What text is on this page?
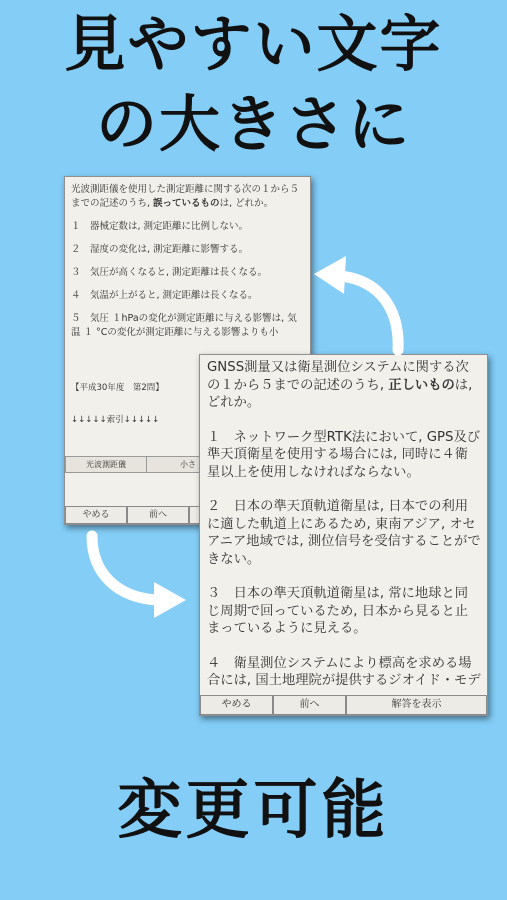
見やすい文字
の大きさに

光波測距儀を使用した測定距離に関する次の１から５までの記述のうち, 誤っているものは, どれか。

１　器械定数は, 測定距離に比例しない。

２　湿度の変化は, 測定距離に影響する。

３　気圧が高くなると, 測定距離は長くなる。

４　気温が上がると, 測定距離は長くなる。

５　気圧 １hPaの変化が測定距離に与える影響は, 気温 １ °Cの変化が測定距離に与える影響よりも小

【平成30年度　第2問】
↓↓↓↓↓索引↓↓↓↓↓
光波測距儀	小さ
やめる	前へ

GNSS測量又は衛星測位システムに関する次の１から５までの記述のうち, 正しいものは, どれか。

１　ネットワーク型RTK法において, GPS及び準天頂衛星を使用する場合には, 同時に４衛星以上を使用しなければならない。

２　日本の準天頂軌道衛星は, 日本での利用に適した軌道上にあるため, 東南アジア, オセアニア地域では, 測位信号を受信することができない。

３　日本の準天頂軌道衛星は, 常に地球と同じ周期で回っているため, 日本から見ると止まっているように見える。

４　衛星測位システムにより標高を求める場合には, 国土地理院が提供するジオイド・モデ

やめる	前へ	解答を表示
変更可能
